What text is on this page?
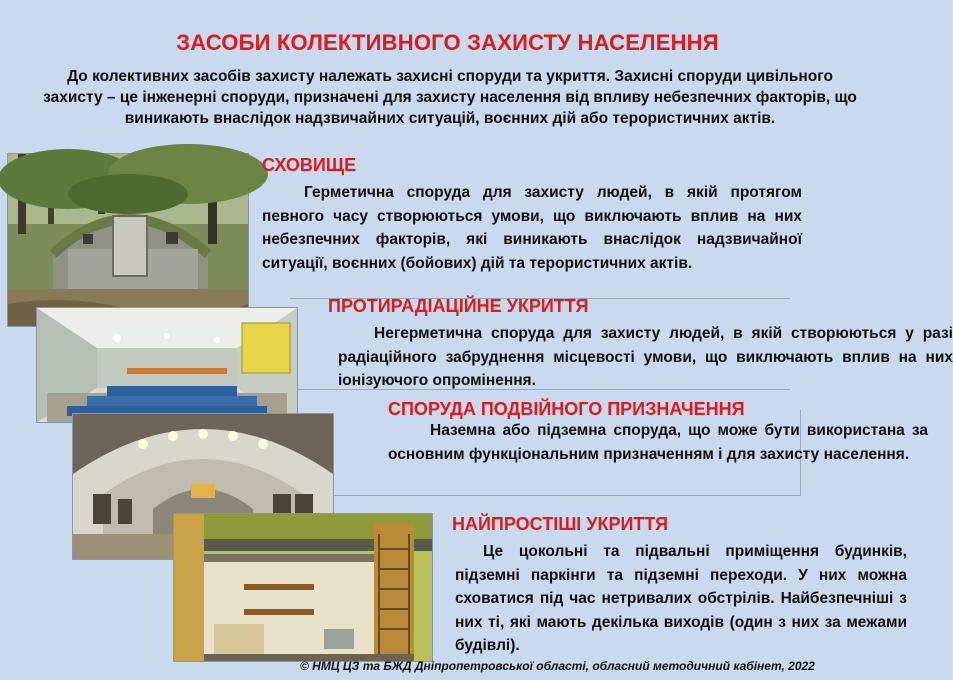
ЗАСОБИ КОЛЕКТИВНОГО ЗАХИСТУ НАСЕЛЕННЯ
До колективних засобів захисту належать захисні споруди та укриття. Захисні споруди цивільного
захисту – це інженерні споруди, призначені для захисту населення від впливу небезпечних факторів, що
виникають внаслідок надзвичайних ситуацій, воєнних дій або терористичних актів.
СХОВИЩЕ
Герметична споруда для захисту людей, в якій протягом певного часу створюються умови, що виключають вплив на них небезпечних факторів, які виникають внаслідок надзвичайної ситуації, воєнних (бойових) дій та терористичних актів.
ПРОТИРАДІАЦІЙНЕ УКРИТТЯ
Негерметична споруда для захисту людей, в якій створюються у разі радіаційного забруднення місцевості умови, що виключають вплив на них іонізуючого опромінення.
СПОРУДА ПОДВІЙНОГО ПРИЗНАЧЕННЯ
Наземна або підземна споруда, що може бути використана за основним функціональним призначенням і для захисту населення.
НАЙПРОСТІШІ УКРИТТЯ
Це цокольні та підвальні приміщення будинків, підземні паркінги та підземні переходи. У них можна сховатися під час нетривалих обстрілів. Найбезпечніші з них ті, які мають декілька виходів (один з них за межами будівлі).
© НМЦ ЦЗ та БЖД Дніпропетровської області, обласний методичний кабінет, 2022
